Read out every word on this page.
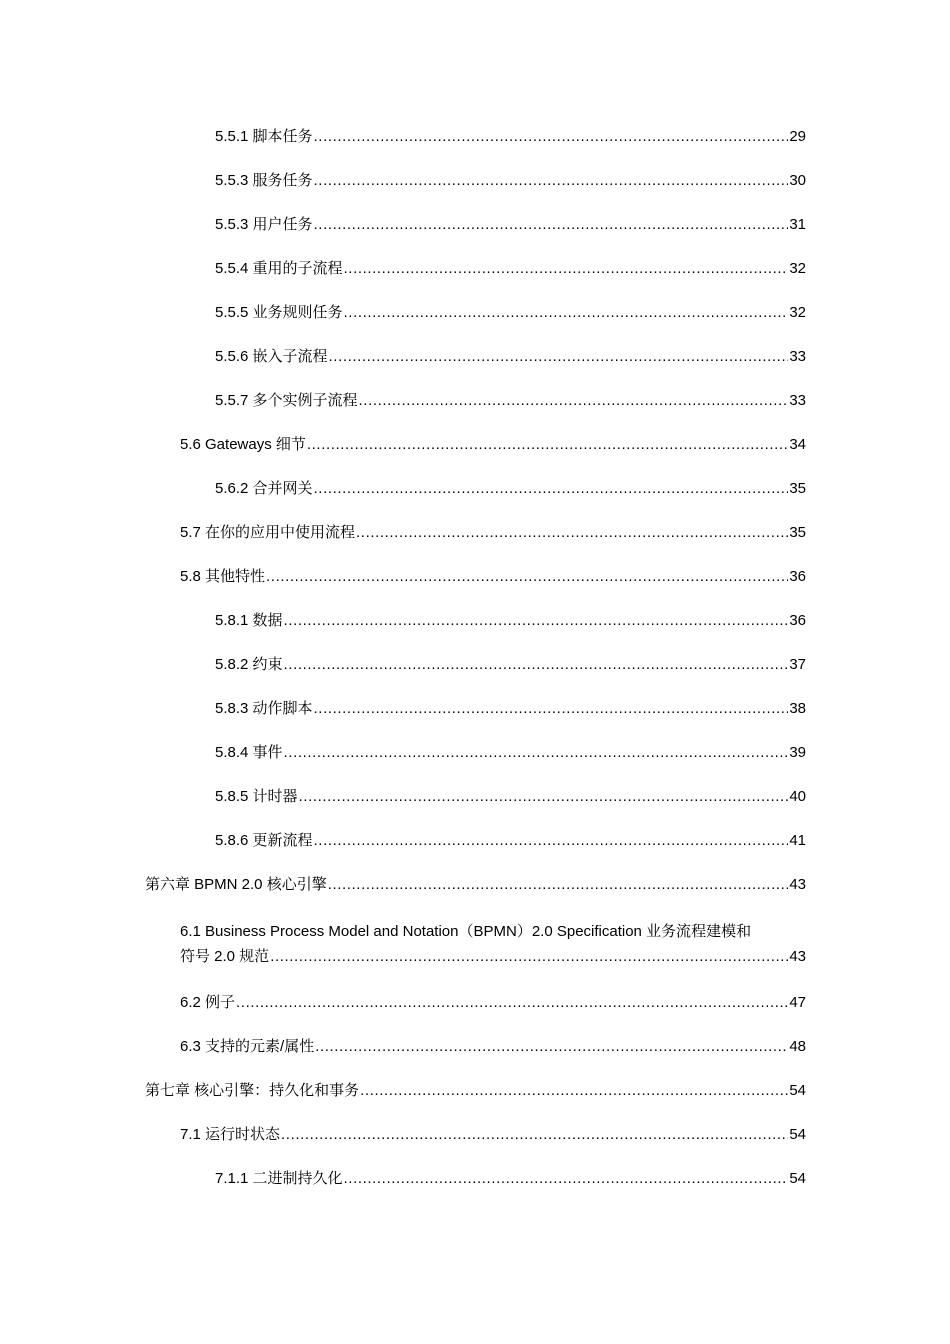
5.5.1 脚本任务 .....	29
5.5.3 服务任务 .....	30
5.5.3 用户任务 .....	31
5.5.4 重用的子流程 .....	32
5.5.5 业务规则任务 .....	32
5.5.6 嵌入子流程 .....	33
5.5.7 多个实例子流程 .....	33
5.6 Gateways 细节 .....	34
5.6.2 合并网关 .....	35
5.7 在你的应用中使用流程 .....	35
5.8 其他特性 .....	36
5.8.1 数据 .....	36
5.8.2 约束 .....	37
5.8.3 动作脚本 .....	38
5.8.4 事件 .....	39
5.8.5 计时器 .....	40
5.8.6 更新流程 .....	41
第六章 BPMN 2.0 核心引擎 .....	43
6.1 Business Process Model and Notation（BPMN）2.0 Specification 业务流程建模和
符号 2.0 规范 .....	43
6.2 例子 .....	47
6.3 支持的元素/属性 .....	48
第七章 核心引擎：持久化和事务 .....	54
7.1 运行时状态 .....	54
7.1.1 二进制持久化 .....	54
